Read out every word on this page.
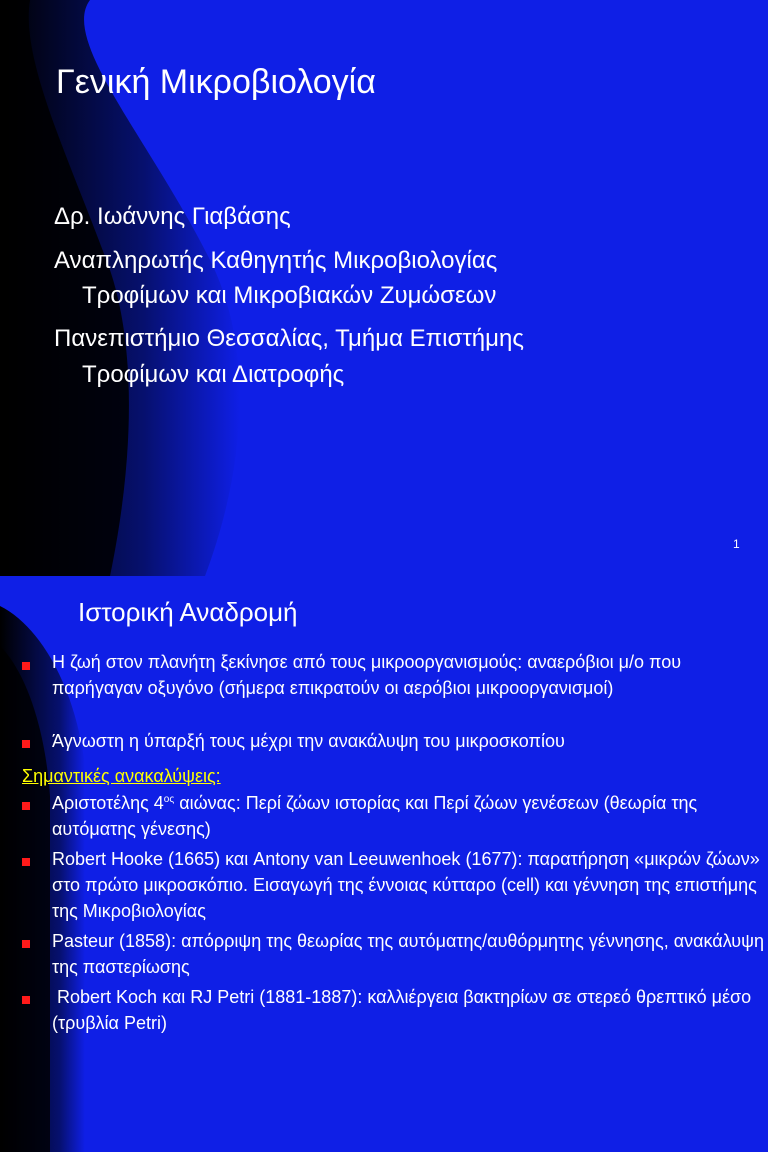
Γενική Μικροβιολογία
Δρ. Ιωάννης Γιαβάσης
Αναπληρωτής Καθηγητής Μικροβιολογίας
Τροφίμων και Μικροβιακών Ζυμώσεων
Πανεπιστήμιο Θεσσαλίας, Τμήμα Επιστήμης
Τροφίμων και Διατροφής
1
Ιστορική Αναδρομή
Η ζωή στον πλανήτη ξεκίνησε από τους μικροοργανισμούς: αναερόβιοι μ/ο που παρήγαγαν οξυγόνο (σήμερα επικρατούν οι αερόβιοι μικροοργανισμοί)
Άγνωστη η ύπαρξή τους μέχρι την ανακάλυψη του μικροσκοπίου
Σημαντικές ανακαλύψεις:
Αριστοτέλης $4^{o\varsigma}$ αιώνας: Περί ζώων ιστορίας και Περί ζώων γενέσεων (θεωρία της αυτόματης γένεσης)
Robert Hooke (1665) και Antony van Leeuwenhoek (1677): παρατήρηση «μικρών ζώων» στο πρώτο μικροσκόπιο. Εισαγωγή της έννοιας κύτταρο (cell) και γέννηση της επιστήμης της Μικροβιολογίας
Pasteur (1858): απόρριψη της θεωρίας της αυτόματης/αυθόρμητης γέννησης, ανακάλυψη της παστερίωσης
Robert Koch και RJ Petri (1881-1887): καλλιέργεια βακτηρίων σε στερεό θρεπτικό μέσο (τρυβλία Petri)
